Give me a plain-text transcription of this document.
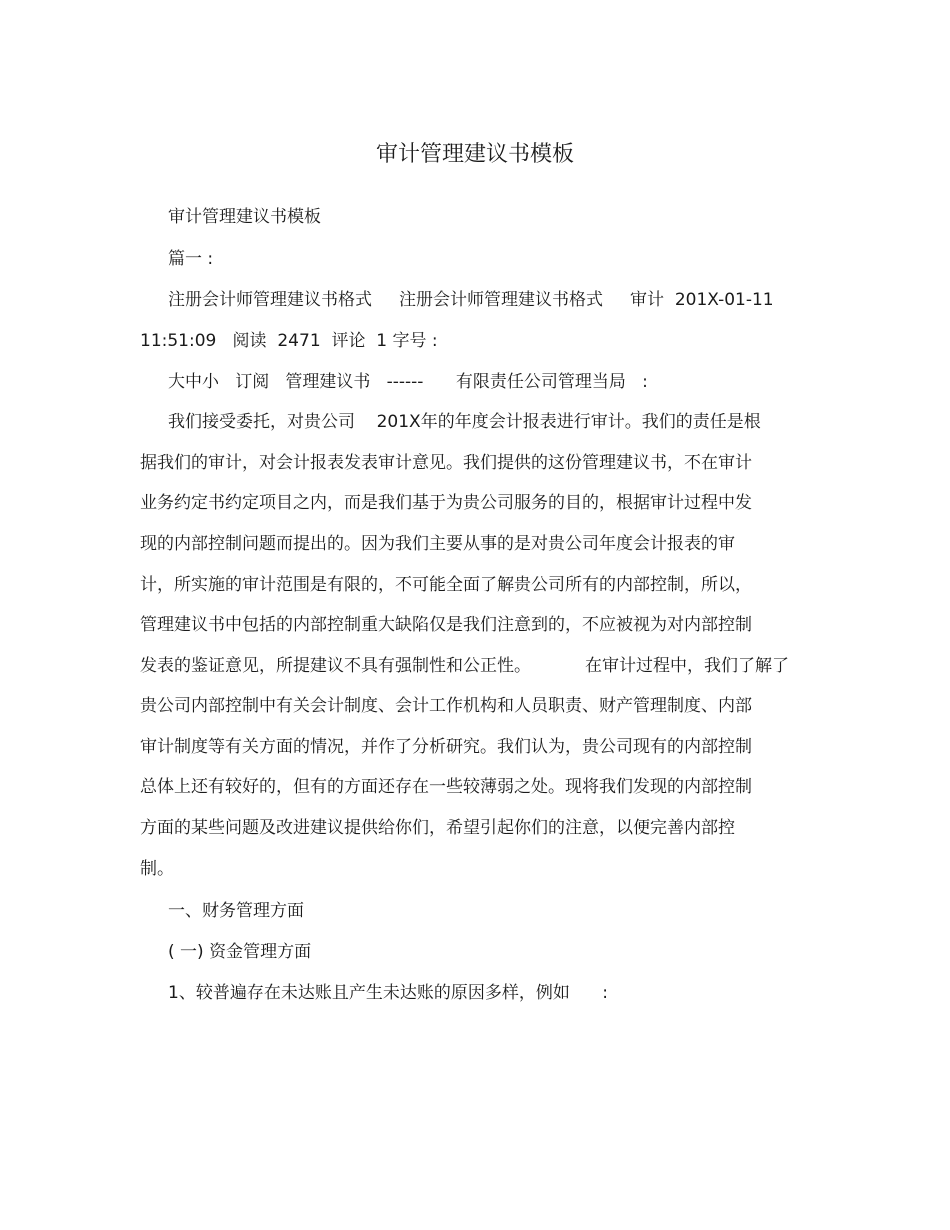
审计管理建议书模板

审计管理建议书模板

篇一 :

注册会计师管理建议书格式     注册会计师管理建议书格式     审计  201X-01-11

11:51:09   阅读  2471  评论  1 字号 :

大中小   订阅   管理建议书   ------      有限责任公司管理当局   :

我们接受委托，对贵公司    201X年的年度会计报表进行审计。我们的责任是根

据我们的审计，对会计报表发表审计意见。我们提供的这份管理建议书，不在审计

业务约定书约定项目之内，而是我们基于为贵公司服务的目的，根据审计过程中发

现的内部控制问题而提出的。因为我们主要从事的是对贵公司年度会计报表的审

计，所实施的审计范围是有限的，不可能全面了解贵公司所有的内部控制，所以，

管理建议书中包括的内部控制重大缺陷仅是我们注意到的，不应被视为对内部控制

发表的鉴证意见，所提建议不具有强制性和公正性。          在审计过程中，我们了解了

贵公司内部控制中有关会计制度、会计工作机构和人员职责、财产管理制度、内部

审计制度等有关方面的情况，并作了分析研究。我们认为，贵公司现有的内部控制

总体上还有较好的，但有的方面还存在一些较薄弱之处。现将我们发现的内部控制

方面的某些问题及改进建议提供给你们，希望引起你们的注意，以便完善内部控

制。

一、财务管理方面

( 一) 资金管理方面

1、较普遍存在未达账且产生未达账的原因多样，例如      :
